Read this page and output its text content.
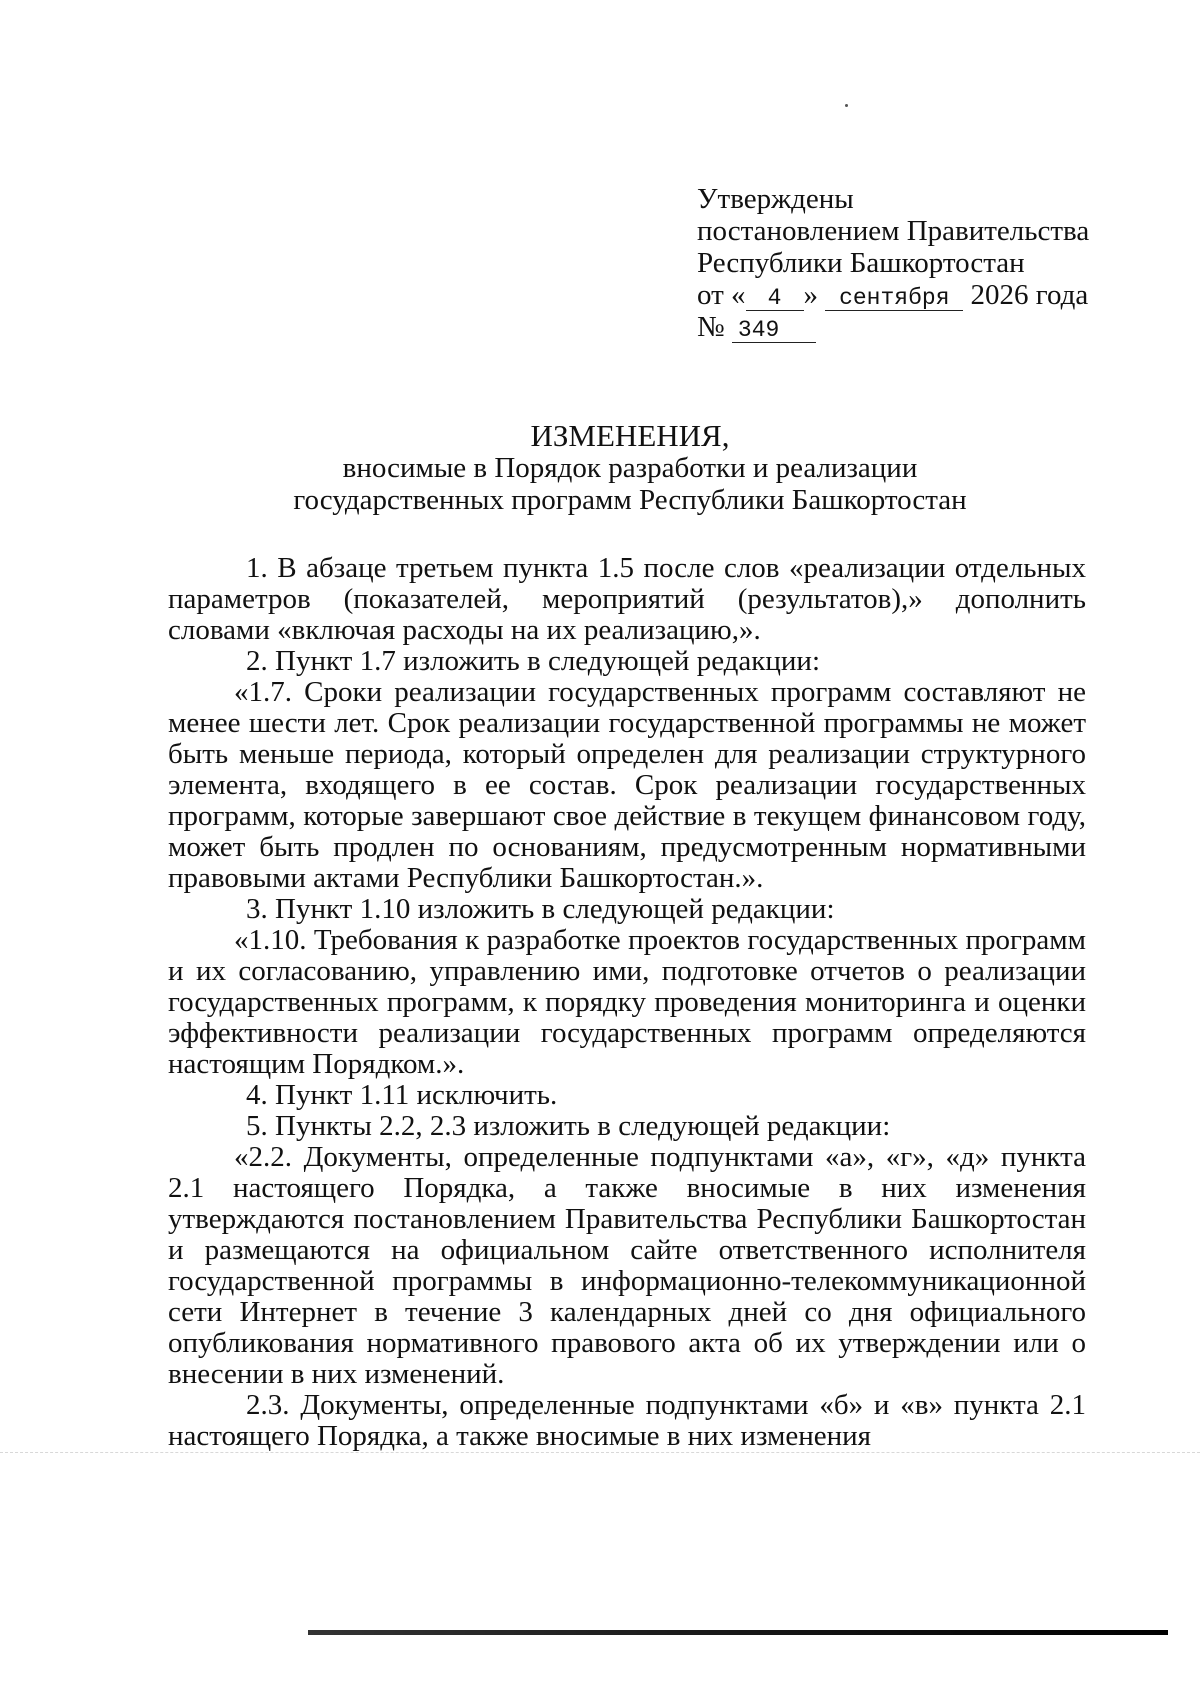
Утверждены
постановлением Правительства
Республики Башкортостан
от « 4 » сентября 2026 года
№ 349
ИЗМЕНЕНИЯ,
вносимые в Порядок разработки и реализации
государственных программ Республики Башкортостан

1. В абзаце третьем пункта 1.5 после слов «реализации отдельных параметров (показателей, мероприятий (результатов),» дополнить словами «включая расходы на их реализацию,».

2. Пункт 1.7 изложить в следующей редакции:

«1.7. Сроки реализации государственных программ составляют не менее шести лет. Срок реализации государственной программы не может быть меньше периода, который определен для реализации структурного элемента, входящего в ее состав. Срок реализации государственных программ, которые завершают свое действие в текущем финансовом году, может быть продлен по основаниям, предусмотренным нормативными правовыми актами Республики Башкортостан.».

3. Пункт 1.10 изложить в следующей редакции:

«1.10. Требования к разработке проектов государственных программ и их согласованию, управлению ими, подготовке отчетов о реализации государственных программ, к порядку проведения мониторинга и оценки эффективности реализации государственных программ определяются настоящим Порядком.».

4. Пункт 1.11 исключить.

5. Пункты 2.2, 2.3 изложить в следующей редакции:

«2.2. Документы, определенные подпунктами «а», «г», «д» пункта 2.1 настоящего Порядка, а также вносимые в них изменения утверждаются постановлением Правительства Республики Башкортостан и размещаются на официальном сайте ответственного исполнителя государственной программы в информационно-телекоммуникационной сети Интернет в течение 3 календарных дней со дня официального опубликования нормативного правового акта об их утверждении или о внесении в них изменений.

2.3. Документы, определенные подпунктами «б» и «в» пункта 2.1 настоящего Порядка, а также вносимые в них изменения
